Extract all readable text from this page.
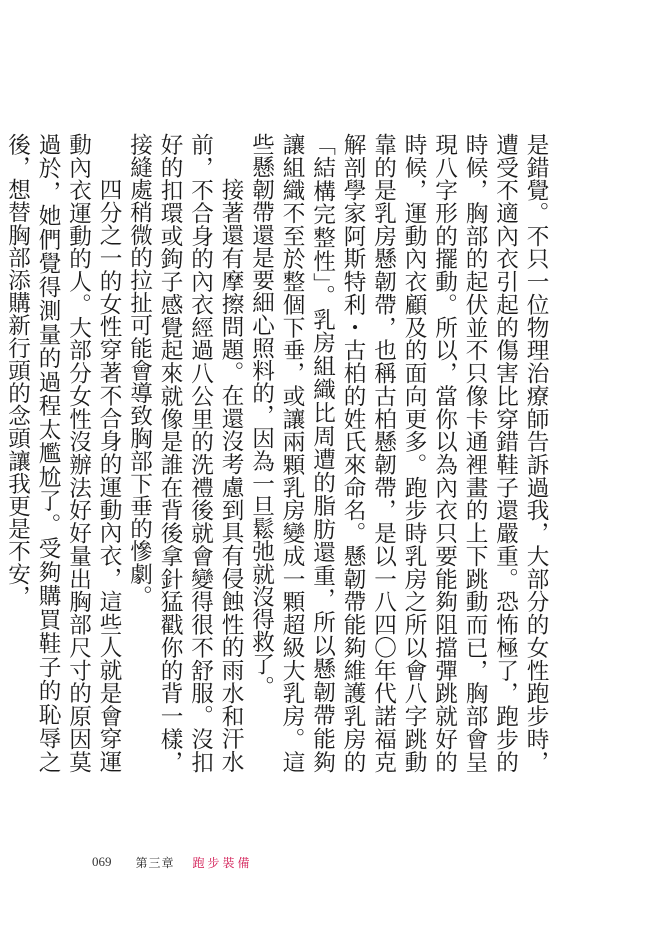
是錯覺。不只一位物理治療師告訴過我，大部分的女性跑步時，遭受不適內衣引起的傷害比穿錯鞋子還嚴重。恐怖極了，跑步的時候，胸部的起伏並不只像卡通裡畫的上下跳動而已，胸部會呈現八字形的擺動。所以，當你以為內衣只要能夠阻擋彈跳就好的時候，運動內衣顧及的面向更多。跑步時乳房之所以會八字跳動靠的是乳房懸韌帶，也稱古柏懸韌帶，是以一八四〇年代諾福克解剖學家阿斯特利・古柏的姓氏來命名。懸韌帶能夠維護乳房的「結構完整性」。乳房組織比周遭的脂肪還重，所以懸韌帶能夠讓組織不至於整個下垂，或讓兩顆乳房變成一顆超級大乳房。這些懸韌帶還是要細心照料的，因為一旦鬆弛就沒得救了。

接著還有摩擦問題。在還沒考慮到具有侵蝕性的雨水和汗水前，不合身的內衣經過八公里的洗禮後就會變得很不舒服。沒扣好的扣環或鉤子感覺起來就像是誰在背後拿針猛戳你的背一樣，接縫處稍微的拉扯可能會導致胸部下垂的慘劇。

四分之一的女性穿著不合身的運動內衣，這些人就是會穿運動內衣運動的人。大部分女性沒辦法好好量出胸部尺寸的原因莫過於，她們覺得測量的過程太尷尬了。受夠購買鞋子的恥辱之後，想替胸部添購新行頭的念頭讓我更是不安，

069 第三章 跑步裝備
